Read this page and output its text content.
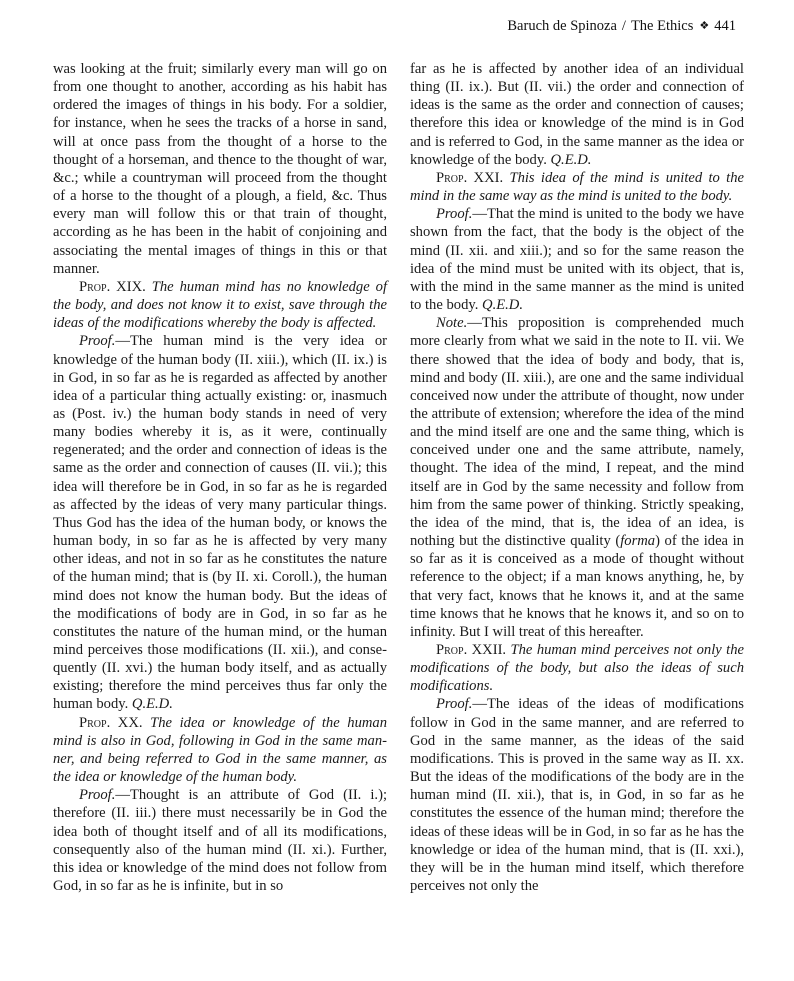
Baruch de Spinoza / The Ethics ❖ 441

was looking at the fruit; similarly every man will go on from one thought to another, according as his habit has ordered the images of things in his body. For a soldier, for instance, when he sees the tracks of a horse in sand, will at once pass from the thought of a horse to the thought of a horseman, and thence to the thought of war, &c.; while a countryman will proceed from the thought of a horse to the thought of a plough, a field, &c. Thus every man will follow this or that train of thought, according as he has been in the habit of conjoining and associating the mental images of things in this or that manner.

Prop. XIX. The human mind has no knowledge of the body, and does not know it to exist, save through the ideas of the modifications whereby the body is affected.

Proof.—The human mind is the very idea or knowledge of the human body (II. xiii.), which (II. ix.) is in God, in so far as he is regarded as affected by another idea of a particular thing actually existing: or, inasmuch as (Post. iv.) the human body stands in need of very many bodies whereby it is, as it were, continually regenerated; and the order and connection of ideas is the same as the order and connection of causes (II. vii.); this idea will therefore be in God, in so far as he is regarded as affected by the ideas of very many particular things. Thus God has the idea of the human body, or knows the human body, in so far as he is affected by very many other ideas, and not in so far as he constitutes the nature of the human mind; that is (by II. xi. Coroll.), the human mind does not know the human body. But the ideas of the modifications of body are in God, in so far as he constitutes the nature of the human mind, or the human mind perceives those modifications (II. xii.), and consequently (II. xvi.) the human body itself, and as actually existing; therefore the mind perceives thus far only the human body. Q.E.D.

Prop. XX. The idea or knowledge of the human mind is also in God, following in God in the same manner, and being referred to God in the same manner, as the idea or knowledge of the human body.

Proof.—Thought is an attribute of God (II. i.); therefore (II. iii.) there must necessarily be in God the idea both of thought itself and of all its modifications, consequently also of the human mind (II. xi.). Further, this idea or knowledge of the mind does not follow from God, in so far as he is infinite, but in so

far as he is affected by another idea of an individual thing (II. ix.). But (II. vii.) the order and connection of ideas is the same as the order and connection of causes; therefore this idea or knowledge of the mind is in God and is referred to God, in the same manner as the idea or knowledge of the body. Q.E.D.

Prop. XXI. This idea of the mind is united to the mind in the same way as the mind is united to the body.

Proof.—That the mind is united to the body we have shown from the fact, that the body is the object of the mind (II. xii. and xiii.); and so for the same reason the idea of the mind must be united with its object, that is, with the mind in the same manner as the mind is united to the body. Q.E.D.

Note.—This proposition is comprehended much more clearly from what we said in the note to II. vii. We there showed that the idea of body and body, that is, mind and body (II. xiii.), are one and the same individual conceived now under the attribute of thought, now under the attribute of extension; wherefore the idea of the mind and the mind itself are one and the same thing, which is conceived under one and the same attribute, namely, thought. The idea of the mind, I repeat, and the mind itself are in God by the same necessity and follow from him from the same power of thinking. Strictly speaking, the idea of the mind, that is, the idea of an idea, is nothing but the distinctive quality (forma) of the idea in so far as it is conceived as a mode of thought without reference to the object; if a man knows anything, he, by that very fact, knows that he knows it, and at the same time knows that he knows that he knows it, and so on to infinity. But I will treat of this hereafter.

Prop. XXII. The human mind perceives not only the modifications of the body, but also the ideas of such modifications.

Proof.—The ideas of the ideas of modifications follow in God in the same manner, and are referred to God in the same manner, as the ideas of the said modifications. This is proved in the same way as II. xx. But the ideas of the modifications of the body are in the human mind (II. xii.), that is, in God, in so far as he constitutes the essence of the human mind; therefore the ideas of these ideas will be in God, in so far as he has the knowledge or idea of the human mind, that is (II. xxi.), they will be in the human mind itself, which therefore perceives not only the
